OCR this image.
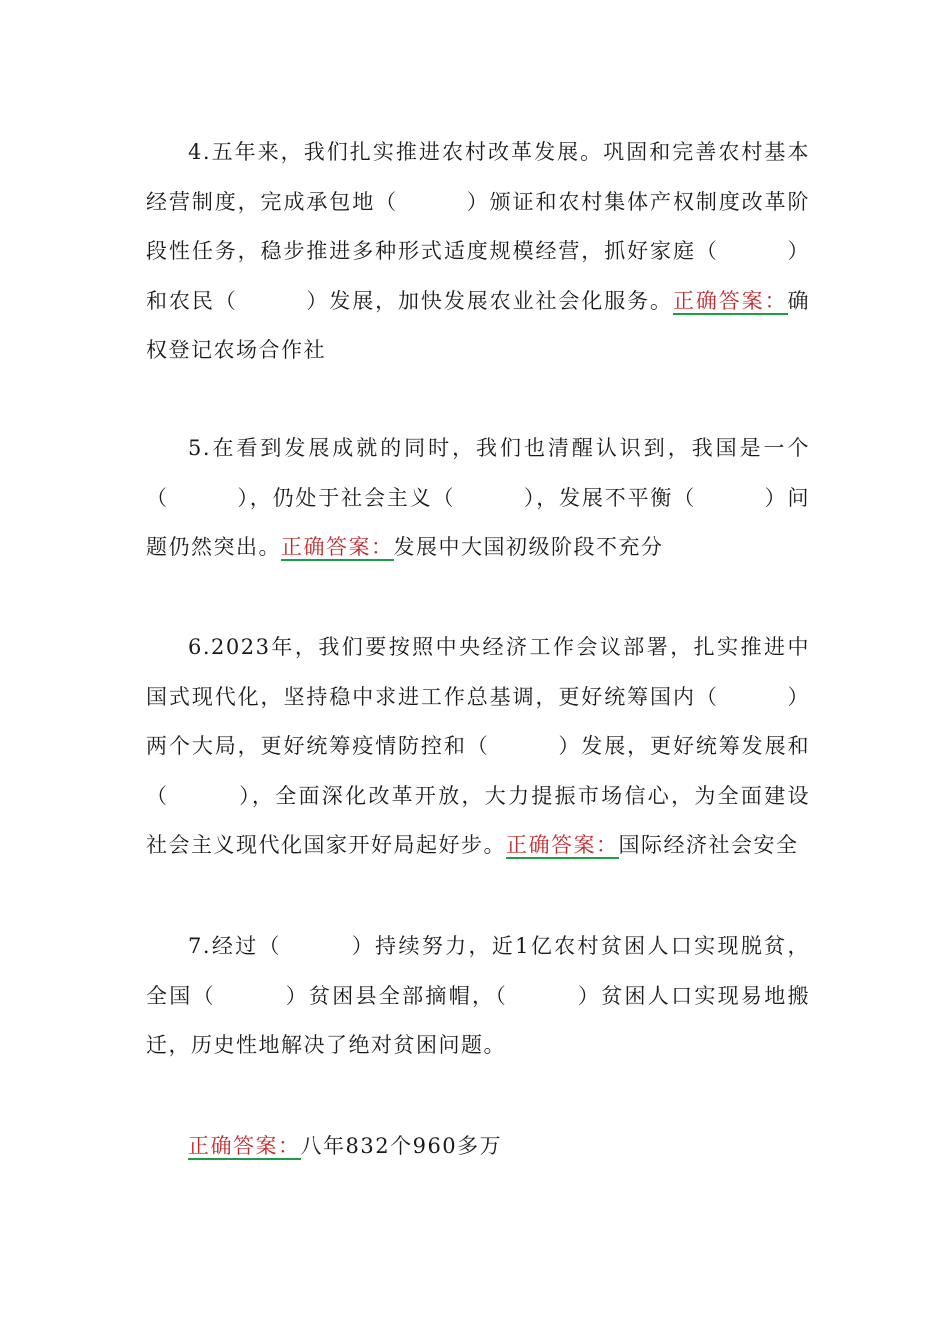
4.五年来，我们扎实推进农村改革发展。巩固和完善农村基本经营制度，完成承包地（　　　）颁证和农村集体产权制度改革阶段性任务，稳步推进多种形式适度规模经营，抓好家庭（　　　）和农民（　　　）发展，加快发展农业社会化服务。正确答案：确权登记农场合作社

5.在看到发展成就的同时，我们也清醒认识到，我国是一个（　　　），仍处于社会主义（　　　），发展不平衡（　　　）问题仍然突出。正确答案：发展中大国初级阶段不充分

6.2023年，我们要按照中央经济工作会议部署，扎实推进中国式现代化，坚持稳中求进工作总基调，更好统筹国内（　　　）两个大局，更好统筹疫情防控和（　　　）发展，更好统筹发展和（　　　），全面深化改革开放，大力提振市场信心，为全面建设社会主义现代化国家开好局起好步。正确答案：国际经济社会安全

7.经过（　　　）持续努力，近1亿农村贫困人口实现脱贫，全国（　　　）贫困县全部摘帽，（　　　）贫困人口实现易地搬迁，历史性地解决了绝对贫困问题。

正确答案：八年832个960多万
